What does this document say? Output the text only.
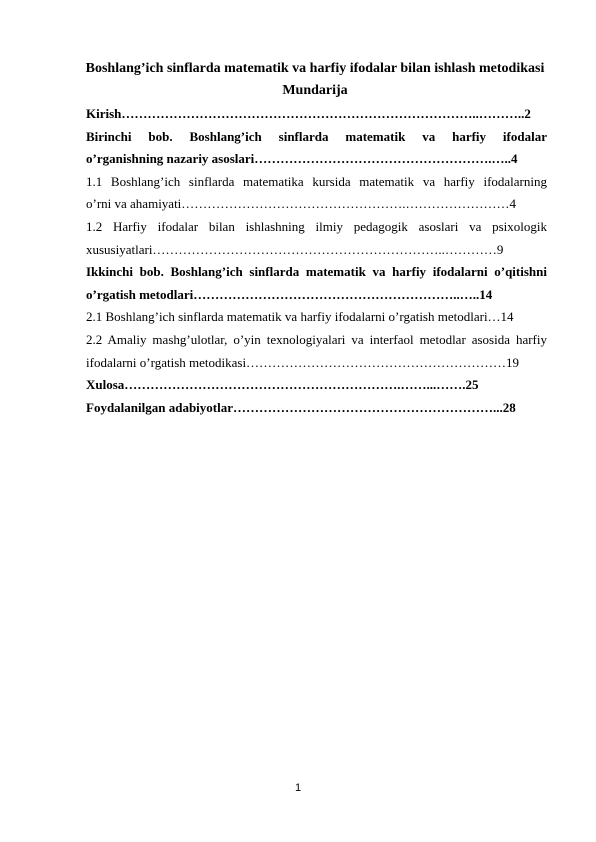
Boshlang’ich sinflarda matematik va harfiy ifodalar bilan ishlash metodikasi
Mundarija

Kirish………………………………………………………………………..………..2

Birinchi bob. Boshlang’ich sinflarda matematik va harfiy ifodalar
o’rganishning nazariy asoslari……………………………………………….…..4

1.1 Boshlang’ich sinflarda matematika kursida matematik va harfiy ifodalarning
o’rni va ahamiyati…………………………………………….……………………4

1.2 Harfiy ifodalar bilan ishlashning ilmiy pedagogik asoslari va psixologik
xususiyatlari…………………………………………………………..…………9

Ikkinchi bob. Boshlang’ich sinflarda matematik va harfiy ifodalarni o’qitishni
o’rgatish metodlari……………………………………………………..…..14

2.1 Boshlang’ich sinflarda matematik va harfiy ifodalarni o’rgatish metodlari…14

2.2 Amaliy mashg’ulotlar, o’yin texnologiyalari va interfaol metodlar asosida harfiy
ifodalarni o’rgatish metodikasi……………………………………………………19

Xulosa……………………………………………………….……...…….25

Foydalanilgan adabiyotlar……………………………………………………...28

1
